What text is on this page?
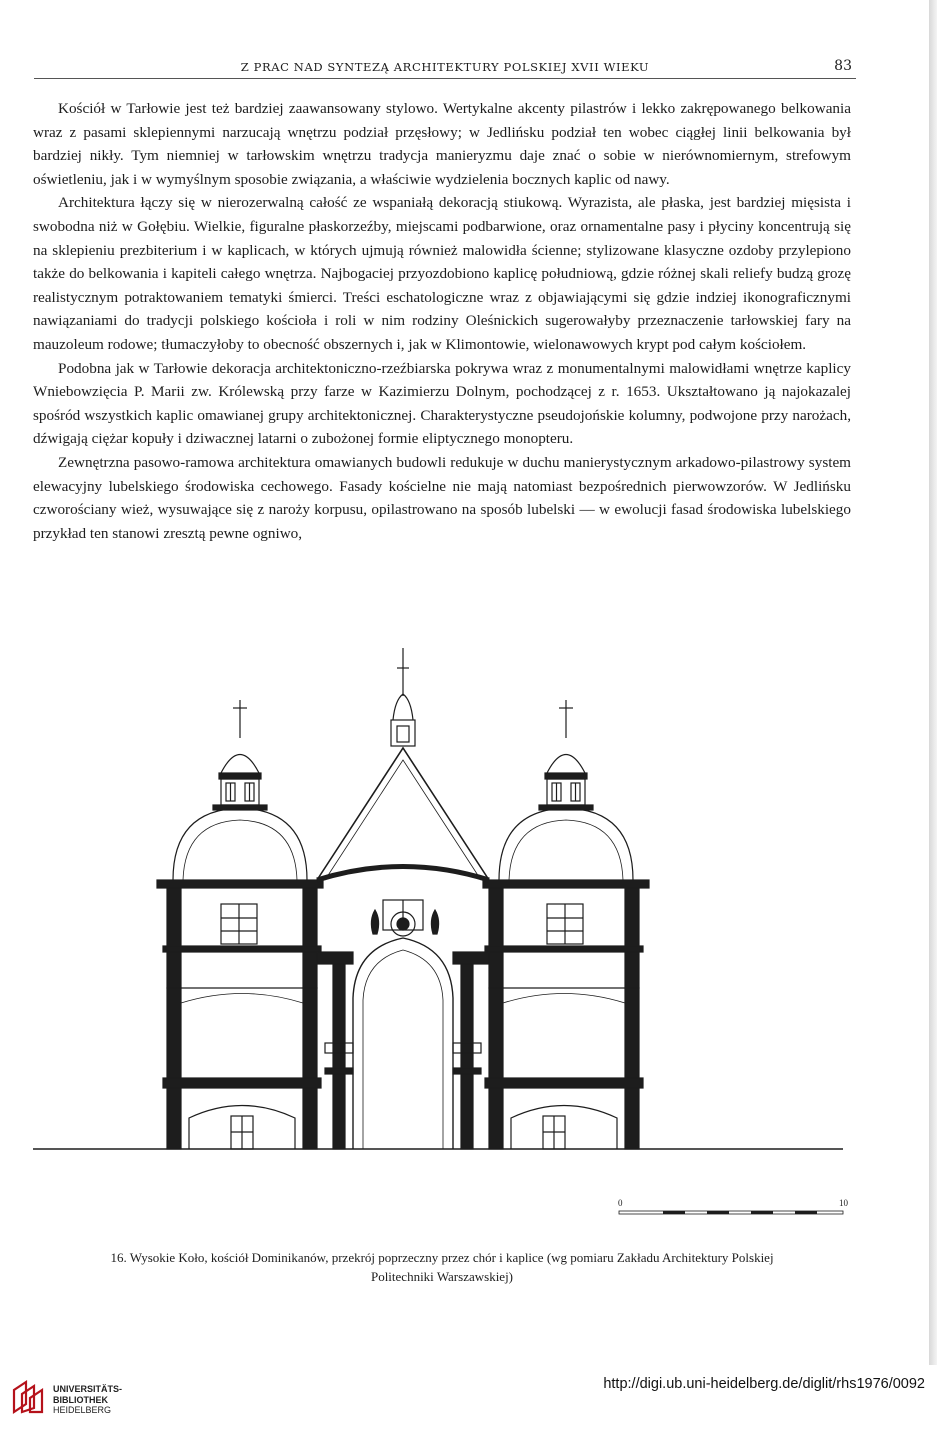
Z PRAC NAD SYNTEZĄ ARCHITEKTURY POLSKIEJ XVII WIEKU	83

Kościół w Tarłowie jest też bardziej zaawansowany stylowo. Wertykalne akcenty pilastrów i lekko zakrępowanego belkowania wraz z pasami sklepiennymi narzucają wnętrzu podział przęsłowy; w Jedlińsku podział ten wobec ciągłej linii belkowania był bardziej nikły. Tym niemniej w tarłowskim wnętrzu tradycja manieryzmu daje znać o sobie w nierównomiernym, strefowym oświetleniu, jak i w wymyślnym sposobie związania, a właściwie wydzielenia bocznych kaplic od nawy.

Architektura łączy się w nierozerwalną całość ze wspaniałą dekoracją stiukową. Wyrazista, ale płaska, jest bardziej mięsista i swobodna niż w Gołębiu. Wielkie, figuralne płaskorzeźby, miejscami podbarwione, oraz ornamentalne pasy i płyciny koncentrują się na sklepieniu prezbiterium i w kaplicach, w których ujmują również malowidła ścienne; stylizowane klasyczne ozdoby przylepiono także do belkowania i kapiteli całego wnętrza. Najbogaciej przyozdobiono kaplicę południową, gdzie różnej skali reliefy budzą grozę realistycznym potraktowaniem tematyki śmierci. Treści eschatologiczne wraz z objawiającymi się gdzie indziej ikonograficznymi nawiązaniami do tradycji polskiego kościoła i roli w nim rodziny Oleśnickich sugerowałyby przeznaczenie tarłowskiej fary na mauzoleum rodowe; tłumaczyłoby to obecność obszernych i, jak w Klimontowie, wielonawowych krypt pod całym kościołem.

Podobna jak w Tarłowie dekoracja architektoniczno-rzeźbiarska pokrywa wraz z monumentalnymi malowidłami wnętrze kaplicy Wniebowzięcia P. Marii zw. Królewską przy farze w Kazimierzu Dolnym, pochodzącej z r. 1653. Ukształtowano ją najokazalej spośród wszystkich kaplic omawianej grupy architektonicznej. Charakterystyczne pseudojońskie kolumny, podwojone przy narożach, dźwigają ciężar kopuły i dziwacznej latarni o zubożonej formie eliptycznego monopteru.

Zewnętrzna pasowo-ramowa architektura omawianych budowli redukuje w duchu manierystycznym arkadowo-pilastrowy system elewacyjny lubelskiego środowiska cechowego. Fasady kościelne nie mają natomiast bezpośrednich pierwowzorów. W Jedlińsku czworościany wież, wysuwające się z naroży korpusu, opilastrowano na sposób lubelski — w ewolucji fasad środowiska lubelskiego przykład ten stanowi zresztą pewne ogniwo,

0	10
16. Wysokie Koło, kościół Dominikanów, przekrój poprzeczny przez chór i kaplice (wg pomiaru Zakładu Architektury Polskiej
Politechniki Warszawskiej)
UNIVERSITÄTS-
BIBLIOTHEK
HEIDELBERG
http://digi.ub.uni-heidelberg.de/diglit/rhs1976/0092
